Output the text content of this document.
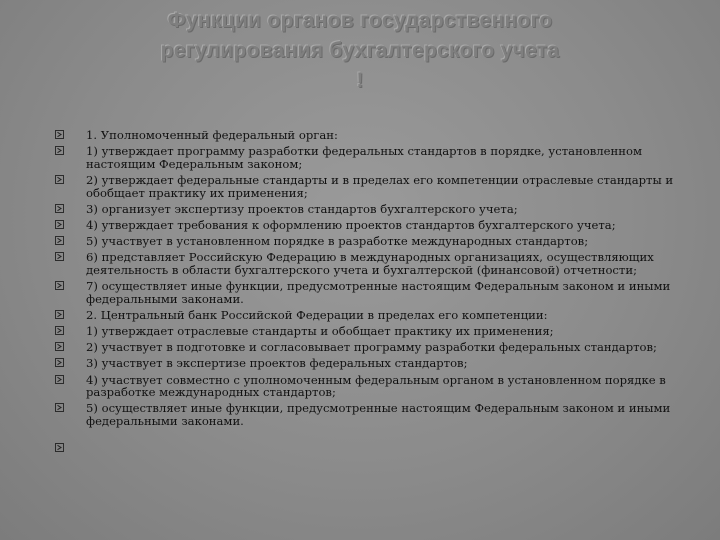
Функции органов государственного
регулирования бухгалтерского учета
!
1. Уполномоченный федеральный орган:
1) утверждает программу разработки федеральных стандартов в порядке, установленном настоящим Федеральным законом;
2) утверждает федеральные стандарты и в пределах его компетенции отраслевые стандарты и обобщает практику их применения;
3) организует экспертизу проектов стандартов бухгалтерского учета;
4) утверждает требования к оформлению проектов стандартов бухгалтерского учета;
5) участвует в установленном порядке в разработке международных стандартов;
6) представляет Российскую Федерацию в международных организациях, осуществляющих деятельность в области бухгалтерского учета и бухгалтерской (финансовой) отчетности;
7) осуществляет иные функции, предусмотренные настоящим Федеральным законом и иными федеральными законами.
2. Центральный банк Российской Федерации в пределах его компетенции:
1) утверждает отраслевые стандарты и обобщает практику их применения;
2) участвует в подготовке и согласовывает программу разработки федеральных стандартов;
3) участвует в экспертизе проектов федеральных стандартов;
4) участвует совместно с уполномоченным федеральным органом в установленном порядке в разработке международных стандартов;
5) осуществляет иные функции, предусмотренные настоящим Федеральным законом и иными федеральными законами.
